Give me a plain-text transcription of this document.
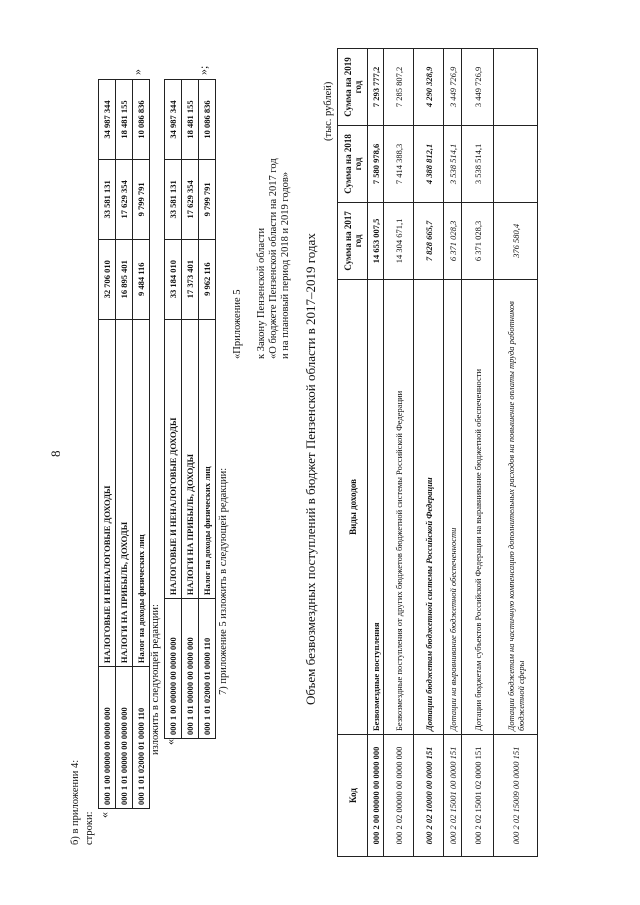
8
б) в приложении 4: строки: «
000 1 00 00000 00 0000 000	НАЛОГОВЫЕ И НЕНАЛОГОВЫЕ ДОХОДЫ	32 706 010	33 581 131	34 987 344
000 1 01 00000 00 0000 000	НАЛОГИ НА ПРИБЫЛЬ, ДОХОДЫ	16 895 401	17 629 354	18 481 155
000 1 01 02000 01 0000 110	Налог на доходы физических лиц	9 484 116	9 799 791	10 086 836
»
изложить в следующей редакции: «
000 1 00 00000 00 0000 000	НАЛОГОВЫЕ И НЕНАЛОГОВЫЕ ДОХОДЫ	33 184 010	33 581 131	34 987 344
000 1 01 00000 00 0000 000	НАЛОГИ НА ПРИБЫЛЬ, ДОХОДЫ	17 373 401	17 629 354	18 481 155
000 1 01 02000 01 0000 110	Налог на доходы физических лиц	9 962 116	9 799 791	10 086 836
»;
7) приложение 5 изложить в следующей редакции:
«Приложение 5 к Закону Пензенской области «О бюджете Пензенской области на 2017 год и на плановый период 2018 и 2019 годов» Объем безвозмездных поступлений в бюджет Пензенской области в 2017–2019 годах
(тыс. рублей)
Код	Виды доходов	Сумма на 2017 год	Сумма на 2018 год	Сумма на 2019 год
000 2 00 00000 00 0000 000	Безвозмездные поступления	14 653 007,5	7 580 978,6	7 293 777,2
000 2 02 00000 00 0000 000	Безвозмездные поступления от других бюджетов бюджетной системы Российской Федерации	14 304 671,1	7 414 388,3	7 285 807,2
000 2 02 10000 00 0000 151	Дотации бюджетам бюджетной системы Российской Федерации	7 828 665,7	4 388 812,1	4 290 328,9
000 2 02 15001 00 0000 151	Дотации на выравнивание бюджетной обеспеченности	6 371 028,3	3 538 514,1	3 449 726,9
000 2 02 15001 02 0000 151	Дотации бюджетам субъектов Российской Федерации на выравнивание бюджетной обеспеченности	6 371 028,3	3 538 514,1	3 449 726,9
000 2 02 15009 00 0000 151	Дотации бюджетам на частичную компенсацию дополнительных расходов на повышение оплаты труда работников бюджетной сферы	376 580,4		
